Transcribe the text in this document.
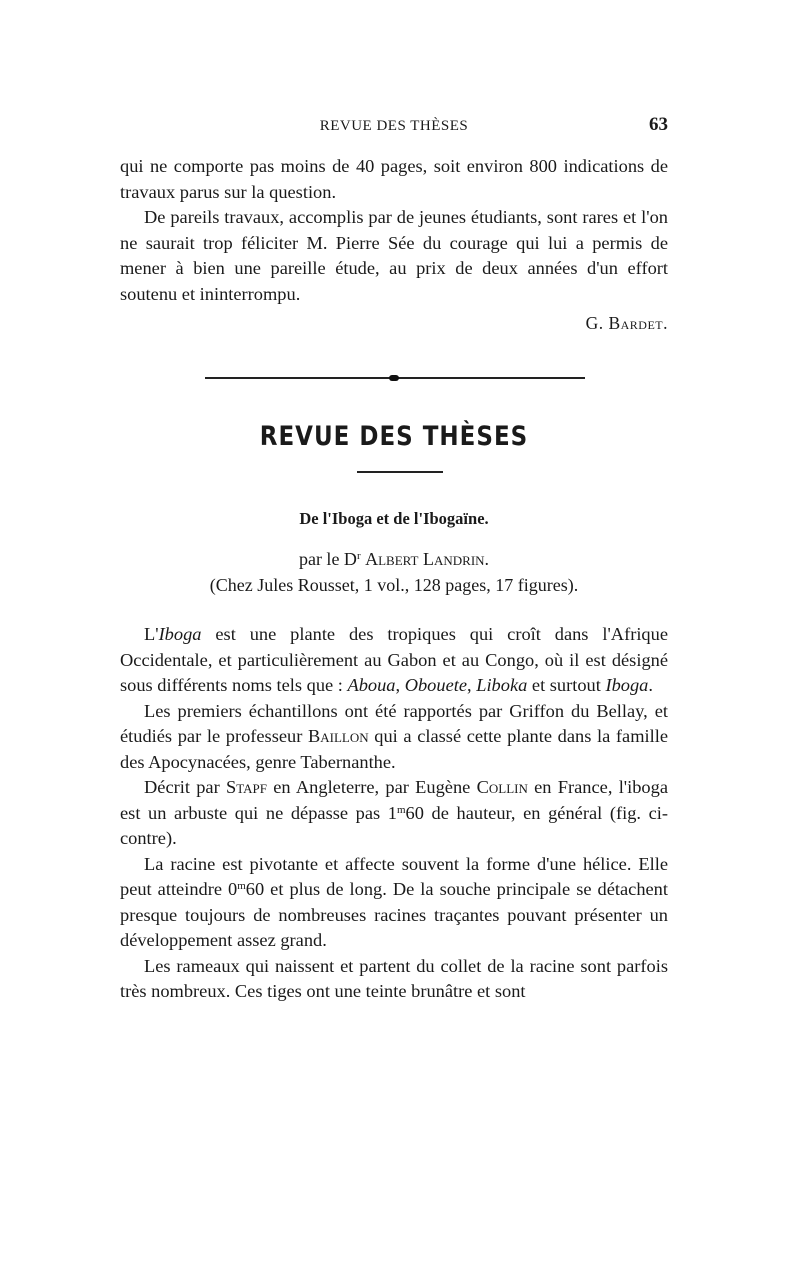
REVUE DES THÈSES	63

qui ne comporte pas moins de 40 pages, soit environ 800 indications de travaux parus sur la question.

De pareils travaux, accomplis par de jeunes étudiants, sont rares et l'on ne saurait trop féliciter M. Pierre Sée du courage qui lui a permis de mener à bien une pareille étude, au prix de deux années d'un effort soutenu et ininterrompu.

G. Bardet.
REVUE DES THÈSES
De l'Iboga et de l'Ibogaïne.
par le $D^r$ Albert Landrin.
(Chez Jules Rousset, 1 vol., 128 pages, 17 figures).

L'Iboga est une plante des tropiques qui croît dans l'Afrique Occidentale, et particulièrement au Gabon et au Congo, où il est désigné sous différents noms tels que : Aboua, Obouete, Liboka et surtout Iboga.

Les premiers échantillons ont été rapportés par Griffon du Bellay, et étudiés par le professeur Baillon qui a classé cette plante dans la famille des Apocynacées, genre Tabernanthe.

Décrit par Stapf en Angleterre, par Eugène Collin en France, l'iboga est un arbuste qui ne dépasse pas 1$^m$60 de hauteur, en général (fig. ci-contre).

La racine est pivotante et affecte souvent la forme d'une hélice. Elle peut atteindre 0$^m$60 et plus de long. De la souche principale se détachent presque toujours de nombreuses racines traçantes pouvant présenter un développement assez grand.

Les rameaux qui naissent et partent du collet de la racine sont parfois très nombreux. Ces tiges ont une teinte brunâtre et sont
